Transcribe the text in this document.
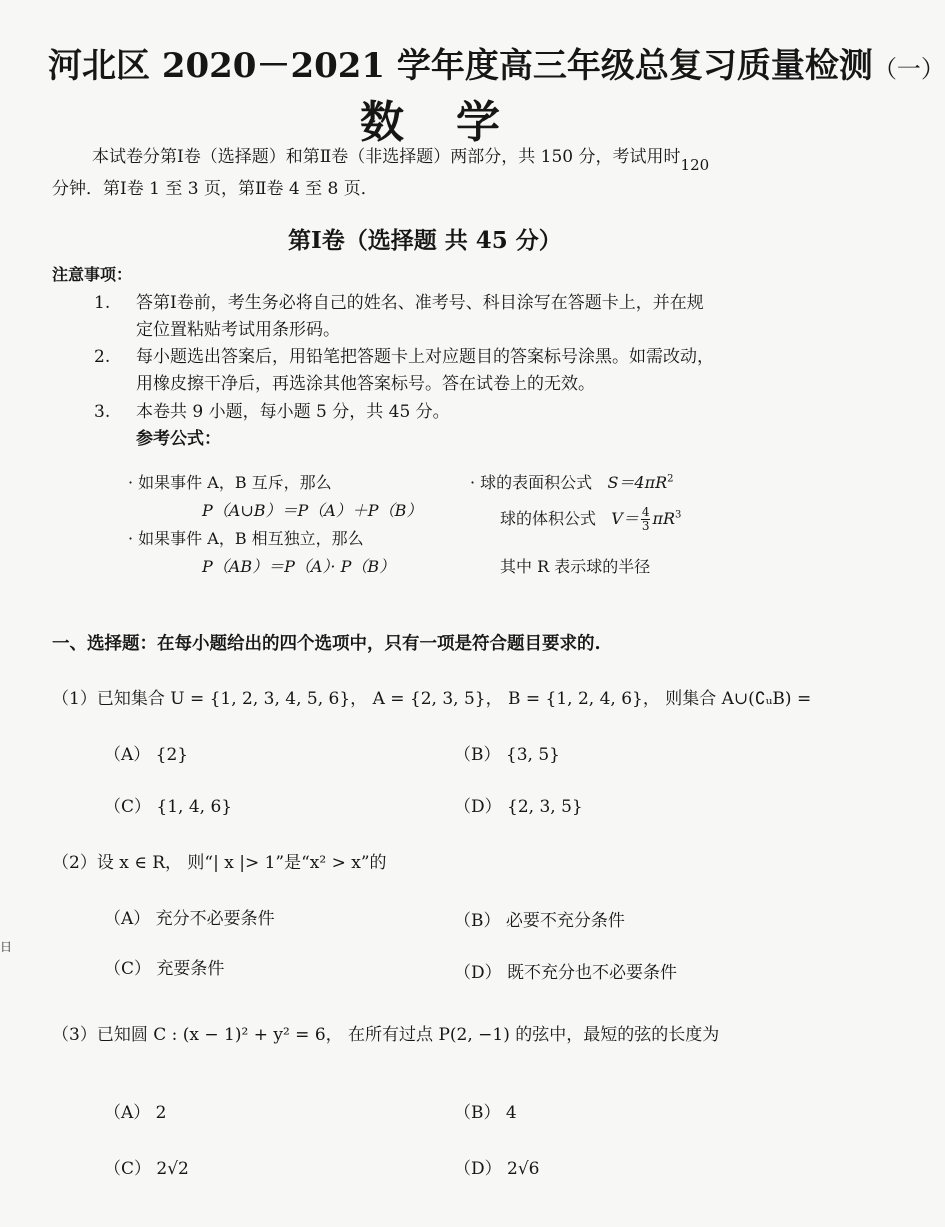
河北区 2020－2021 学年度高三年级总复习质量检测（一）
数学
本试卷分第Ⅰ卷（选择题）和第Ⅱ卷（非选择题）两部分，共 150 分，考试用时120
分钟．第Ⅰ卷 1 至 3 页，第Ⅱ卷 4 至 8 页．
第Ⅰ卷（选择题 共 45 分）
注意事项：
1. 答第Ⅰ卷前，考生务必将自己的姓名、准考号、科目涂写在答题卡上，并在规
定位置粘贴考试用条形码。
2. 每小题选出答案后，用铅笔把答题卡上对应题目的答案标号涂黑。如需改动，
用橡皮擦干净后，再选涂其他答案标号。答在试卷上的无效。
3. 本卷共 9 小题，每小题 5 分，共 45 分。
参考公式：
· 如果事件 A，B 互斥，那么
P（A∪B）＝P（A）＋P（B）
· 如果事件 A，B 相互独立，那么
P（AB）＝P（A）· P（B）
· 球的表面积公式 $S=4\pi R^2$
球的体积公式 $V= \frac{4}{3} \pi R^3$
其中 R 表示球的半径
一、选择题：在每小题给出的四个选项中，只有一项是符合题目要求的.
（1）已知集合 U = {1, 2, 3, 4, 5, 6}， A = {2, 3, 5}， B = {1, 2, 4, 6}， 则集合 A∪(∁ᵤB) =
（A） {2}	（B） {3, 5}
（C） {1, 4, 6}	（D） {2, 3, 5}
（2）设 x ∈ R， 则“| x |> 1”是“x² > x”的
（A） 充分不必要条件	（B） 必要不充分条件
（C） 充要条件	（D） 既不充分也不必要条件
（3）已知圆 C : (x − 1)² + y² = 6， 在所有过点 P(2, −1) 的弦中，最短的弦的长度为
（A） 2	（B） 4
（C） 2√2	（D） 2√6
日
